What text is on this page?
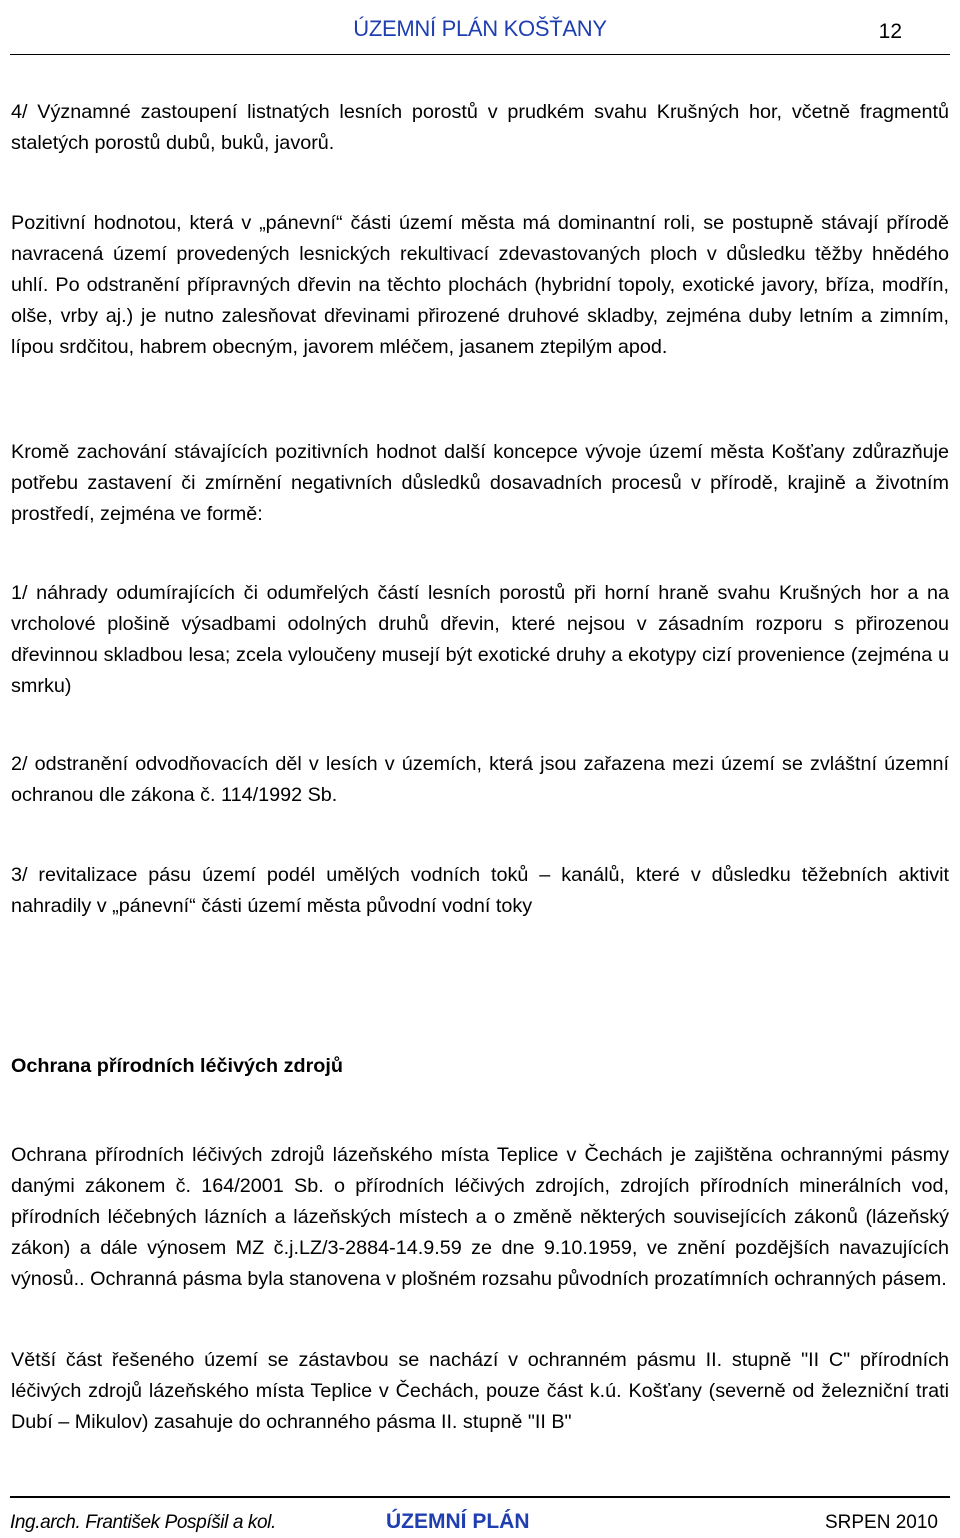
ÚZEMNÍ PLÁN KOŠŤANY	12

4/ Významné zastoupení listnatých lesních porostů v prudkém svahu Krušných hor, včetně fragmentů staletých porostů dubů, buků, javorů.

Pozitivní hodnotou, která v „pánevní“ části území města má dominantní roli, se postupně stávají přírodě navracená území provedených lesnických rekultivací zdevastovaných ploch v důsledku těžby hnědého uhlí. Po odstranění přípravných dřevin na těchto plochách (hybridní topoly, exotické javory, bříza, modřín, olše, vrby aj.) je nutno zalesňovat dřevinami přirozené druhové skladby, zejména duby letním a zimním, lípou srdčitou, habrem obecným, javorem mléčem, jasanem ztepilým apod.

Kromě zachování stávajících pozitivních hodnot další koncepce vývoje území města Košťany zdůrazňuje potřebu zastavení či zmírnění negativních důsledků dosavadních procesů v přírodě, krajině a životním prostředí, zejména ve formě:

1/ náhrady odumírajících či odumřelých částí lesních porostů při horní hraně svahu Krušných hor a na vrcholové plošině výsadbami odolných druhů dřevin, které nejsou v zásadním rozporu s přirozenou dřevinnou skladbou lesa; zcela vyloučeny musejí být exotické druhy a ekotypy cizí provenience (zejména u smrku)

2/ odstranění odvodňovacích děl v lesích v územích, která jsou zařazena mezi území se zvláštní územní ochranou dle zákona č. 114/1992 Sb.

3/ revitalizace pásu území podél umělých vodních toků – kanálů, které v důsledku těžebních aktivit nahradily v „pánevní“ části území města původní vodní toky

Ochrana přírodních léčivých zdrojů

Ochrana přírodních léčivých zdrojů lázeňského místa Teplice v Čechách je zajištěna ochrannými pásmy danými zákonem č. 164/2001 Sb. o přírodních léčivých zdrojích, zdrojích přírodních minerálních vod, přírodních léčebných lázních a lázeňských místech a o změně některých souvisejících zákonů (lázeňský zákon) a dále výnosem MZ č.j.LZ/3-2884-14.9.59 ze dne 9.10.1959, ve znění pozdějších navazujících výnosů.. Ochranná pásma byla stanovena v plošném rozsahu původních prozatímních ochranných pásem.

Větší část řešeného území se zástavbou se nachází v ochranném pásmu II. stupně "II C" přírodních léčivých zdrojů lázeňského místa Teplice v Čechách, pouze část k.ú. Košťany (severně od železniční trati Dubí – Mikulov) zasahuje do ochranného pásma II. stupně "II B"

Ing.arch. František Pospíšil a kol.	ÚZEMNÍ PLÁN	SRPEN 2010
